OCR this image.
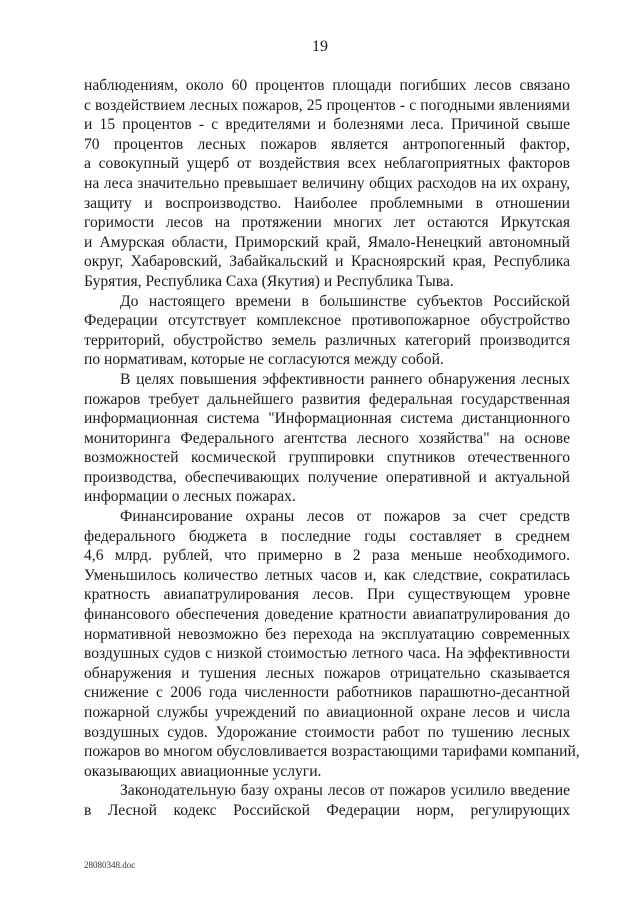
19
наблюдениям, около 60 процентов площади погибших лесов связано
с воздействием лесных пожаров, 25 процентов - с погодными явлениями
и 15 процентов - с вредителями и болезнями леса. Причиной свыше
70 процентов лесных пожаров является антропогенный фактор,
а совокупный ущерб от воздействия всех неблагоприятных факторов
на леса значительно превышает величину общих расходов на их охрану,
защиту и воспроизводство. Наиболее проблемными в отношении
горимости лесов на протяжении многих лет остаются Иркутская
и Амурская области, Приморский край, Ямало-Ненецкий автономный
округ, Хабаровский, Забайкальский и Красноярский края, Республика
Бурятия, Республика Саха (Якутия) и Республика Тыва.
До настоящего времени в большинстве субъектов Российской
Федерации отсутствует комплексное противопожарное обустройство
территорий, обустройство земель различных категорий производится
по нормативам, которые не согласуются между собой.
В целях повышения эффективности раннего обнаружения лесных
пожаров требует дальнейшего развития федеральная государственная
информационная система "Информационная система дистанционного
мониторинга Федерального агентства лесного хозяйства" на основе
возможностей космической группировки спутников отечественного
производства, обеспечивающих получение оперативной и актуальной
информации о лесных пожарах.
Финансирование охраны лесов от пожаров за счет средств
федерального бюджета в последние годы составляет в среднем
4,6 млрд. рублей, что примерно в 2 раза меньше необходимого.
Уменьшилось количество летных часов и, как следствие, сократилась
кратность авиапатрулирования лесов. При существующем уровне
финансового обеспечения доведение кратности авиапатрулирования до
нормативной невозможно без перехода на эксплуатацию современных
воздушных судов с низкой стоимостью летного часа. На эффективности
обнаружения и тушения лесных пожаров отрицательно сказывается
снижение с 2006 года численности работников парашютно-десантной
пожарной службы учреждений по авиационной охране лесов и числа
воздушных судов. Удорожание стоимости работ по тушению лесных
пожаров во многом обусловливается возрастающими тарифами компаний,
оказывающих авиационные услуги.
Законодательную базу охраны лесов от пожаров усилило введение
в Лесной кодекс Российской Федерации норм, регулирующих
28080348.doc
